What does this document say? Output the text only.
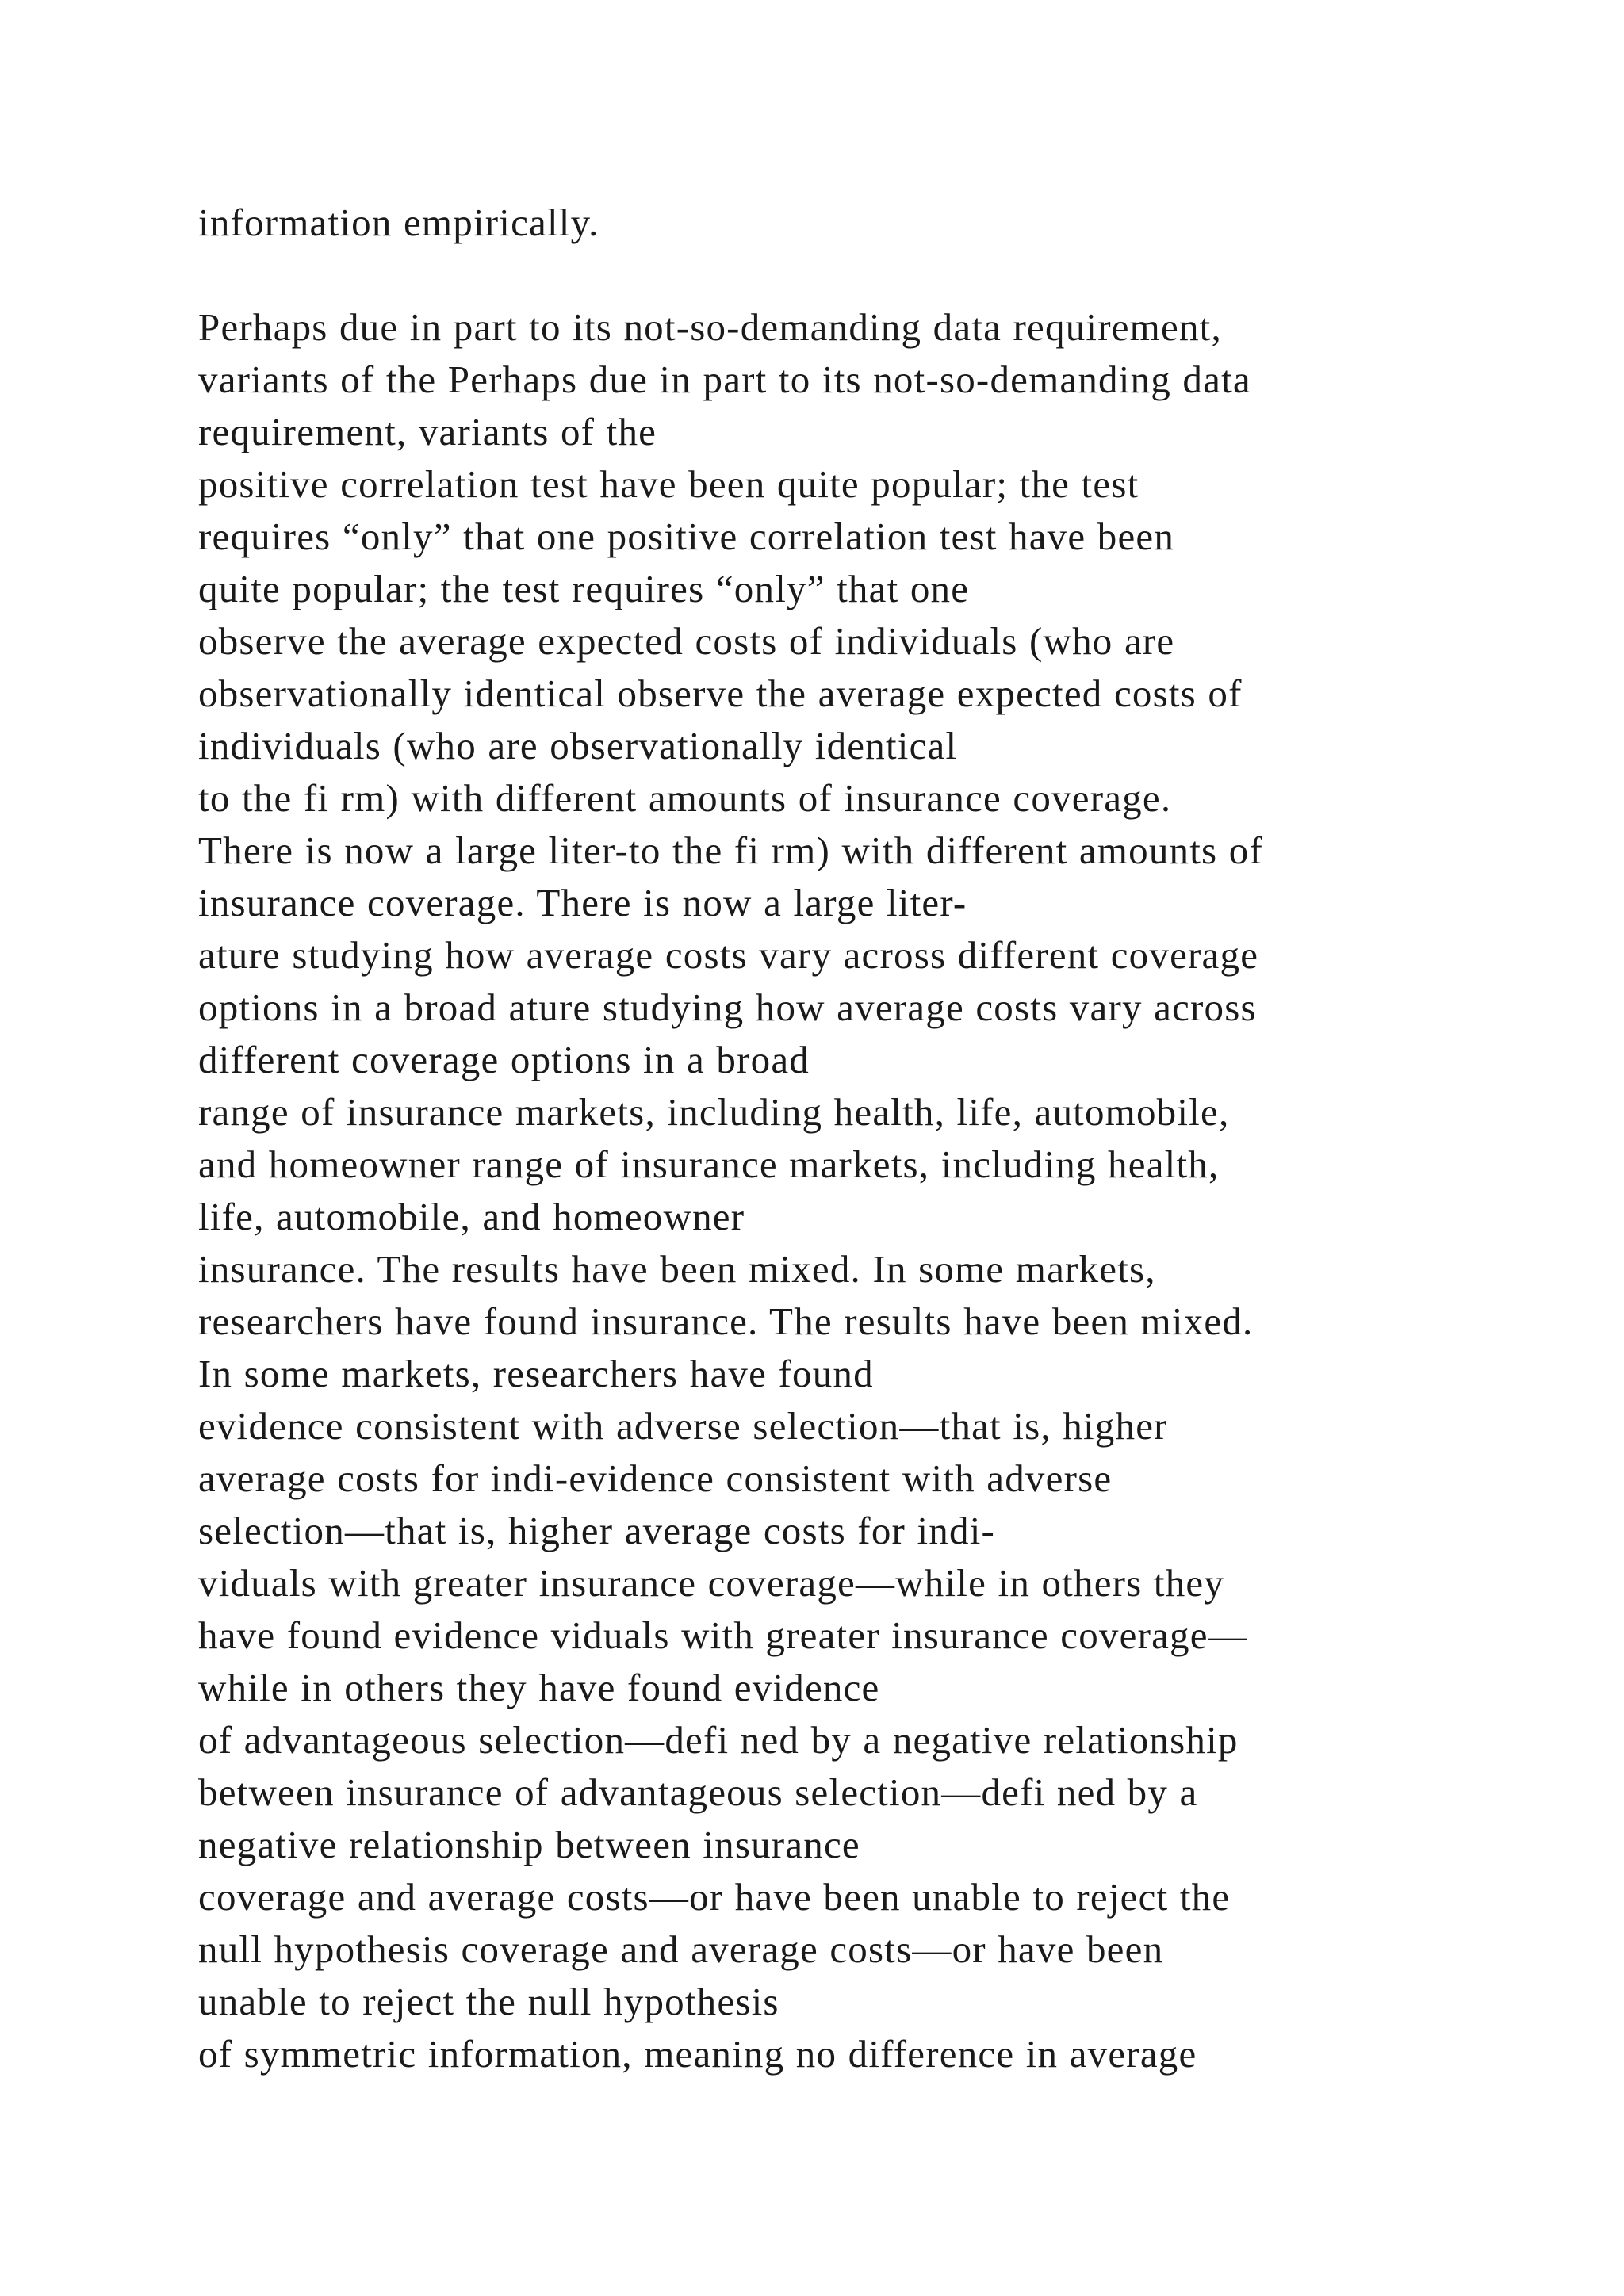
information empirically.
Perhaps due in part to its not-so-demanding data requirement,
variants of the Perhaps due in part to its not-so-demanding data
requirement, variants of the
positive correlation test have been quite popular; the test
requires “only” that one positive correlation test have been
quite popular; the test requires “only” that one
observe the average expected costs of individuals (who are
observationally identical observe the average expected costs of
individuals (who are observationally identical
to the fi rm) with different amounts of insurance coverage.
There is now a large liter-to the fi rm) with different amounts of
insurance coverage. There is now a large liter-
ature studying how average costs vary across different coverage
options in a broad ature studying how average costs vary across
different coverage options in a broad
range of insurance markets, including health, life, automobile,
and homeowner range of insurance markets, including health,
life, automobile, and homeowner
insurance. The results have been mixed. In some markets,
researchers have found insurance. The results have been mixed.
In some markets, researchers have found
evidence consistent with adverse selection—that is, higher
average costs for indi-evidence consistent with adverse
selection—that is, higher average costs for indi-
viduals with greater insurance coverage—while in others they
have found evidence viduals with greater insurance coverage—
while in others they have found evidence
of advantageous selection—defi ned by a negative relationship
between insurance of advantageous selection—defi ned by a
negative relationship between insurance
coverage and average costs—or have been unable to reject the
null hypothesis coverage and average costs—or have been
unable to reject the null hypothesis
of symmetric information, meaning no difference in average
